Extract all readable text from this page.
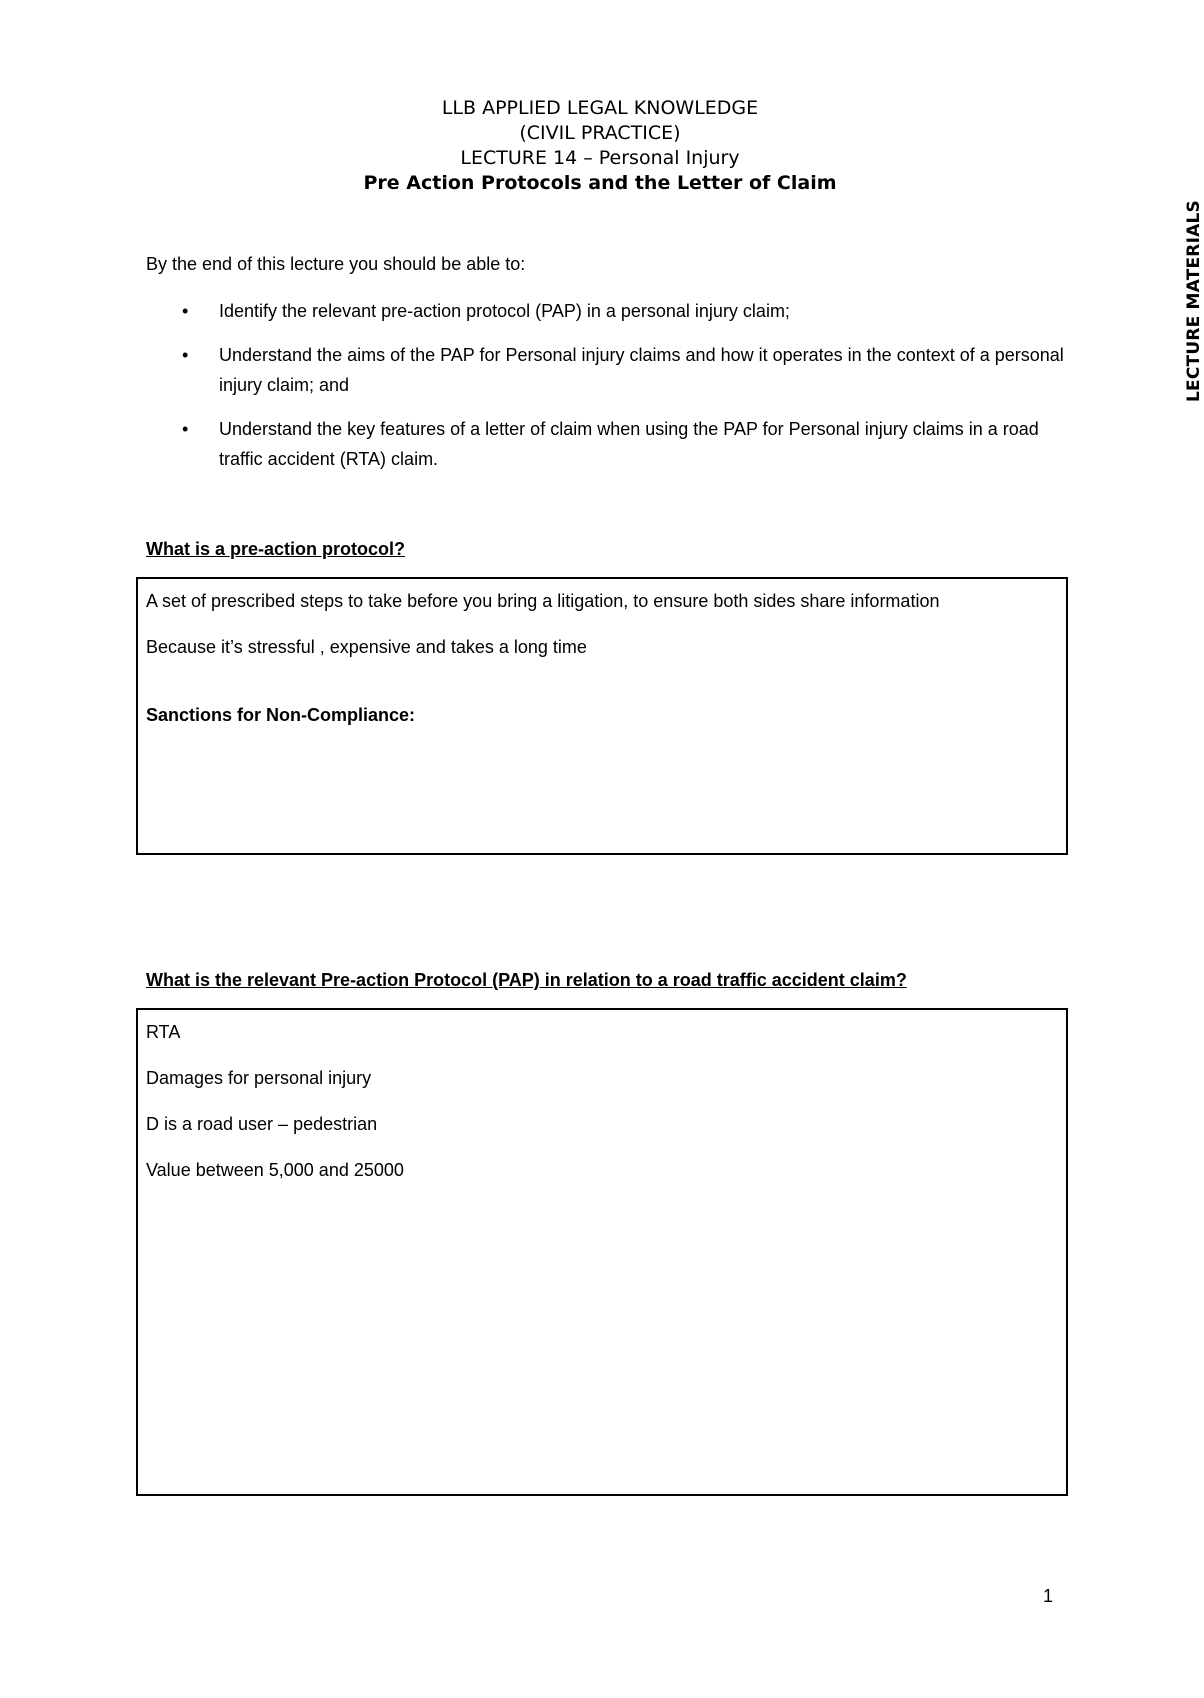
LLB APPLIED LEGAL KNOWLEDGE
(CIVIL PRACTICE)
LECTURE 14 – Personal Injury
Pre Action Protocols and the Letter of Claim
LECTURE MATERIALS
By the end of this lecture you should be able to:
• Identify the relevant pre-action protocol (PAP) in a personal injury claim;
• Understand the aims of the PAP for Personal injury claims and how it operates in the context of a personal injury claim; and
• Understand the key features of a letter of claim when using the PAP for Personal injury claims in a road traffic accident (RTA) claim.
What is a pre-action protocol?

A set of prescribed steps to take before you bring a litigation, to ensure both sides share information

Because it’s stressful , expensive and takes a long time

Sanctions for Non-Compliance:

What is the relevant Pre-action Protocol (PAP) in relation to a road traffic accident claim?

RTA

Damages for personal injury

D is a road user – pedestrian

Value between 5,000 and 25000

1
